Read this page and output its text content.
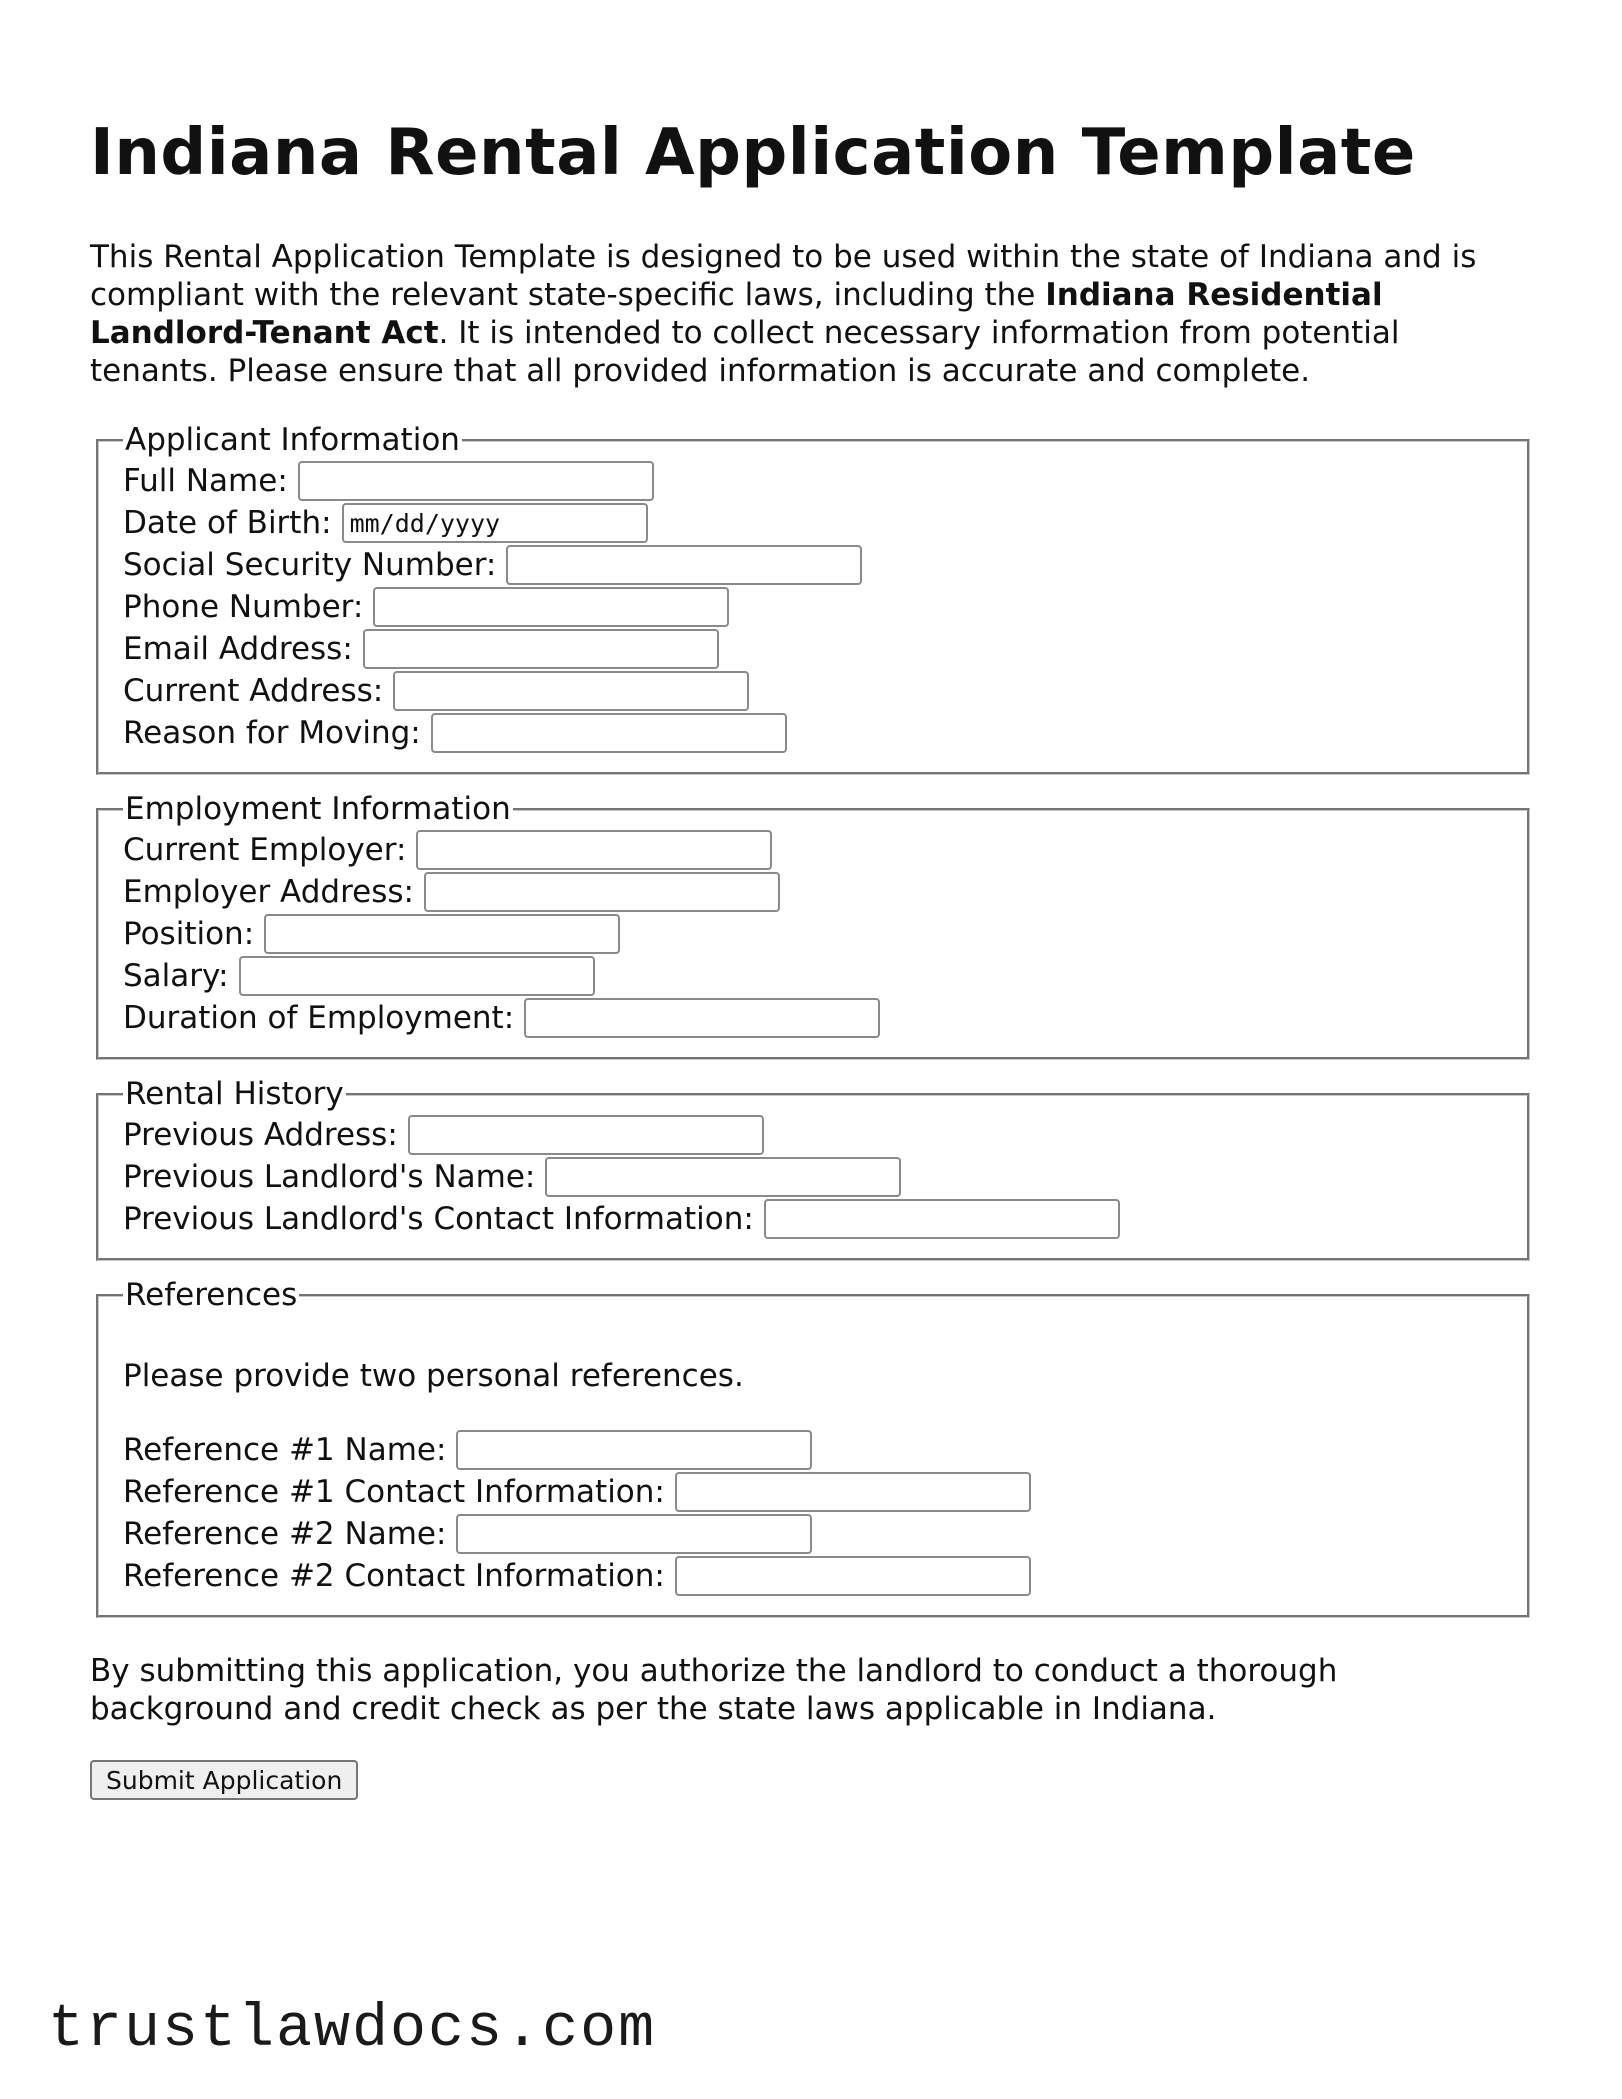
Indiana Rental Application Template

This Rental Application Template is designed to be used within the state of Indiana and is compliant with the relevant state-specific laws, including the Indiana Residential Landlord-Tenant Act. It is intended to collect necessary information from potential tenants. Please ensure that all provided information is accurate and complete.

Applicant Information
Full Name:
Date of Birth:
mm/dd/yyyy
Social Security Number:
Phone Number:
Email Address:
Current Address:
Reason for Moving:
Employment Information
Current Employer:
Employer Address:
Position:
Salary:
Duration of Employment:
Rental History
Previous Address:
Previous Landlord's Name:
Previous Landlord's Contact Information:
References

Please provide two personal references.

Reference #1 Name:
Reference #1 Contact Information:
Reference #2 Name:
Reference #2 Contact Information:

By submitting this application, you authorize the landlord to conduct a thorough background and credit check as per the state laws applicable in Indiana.

Submit Application
trustlawdocs.com
